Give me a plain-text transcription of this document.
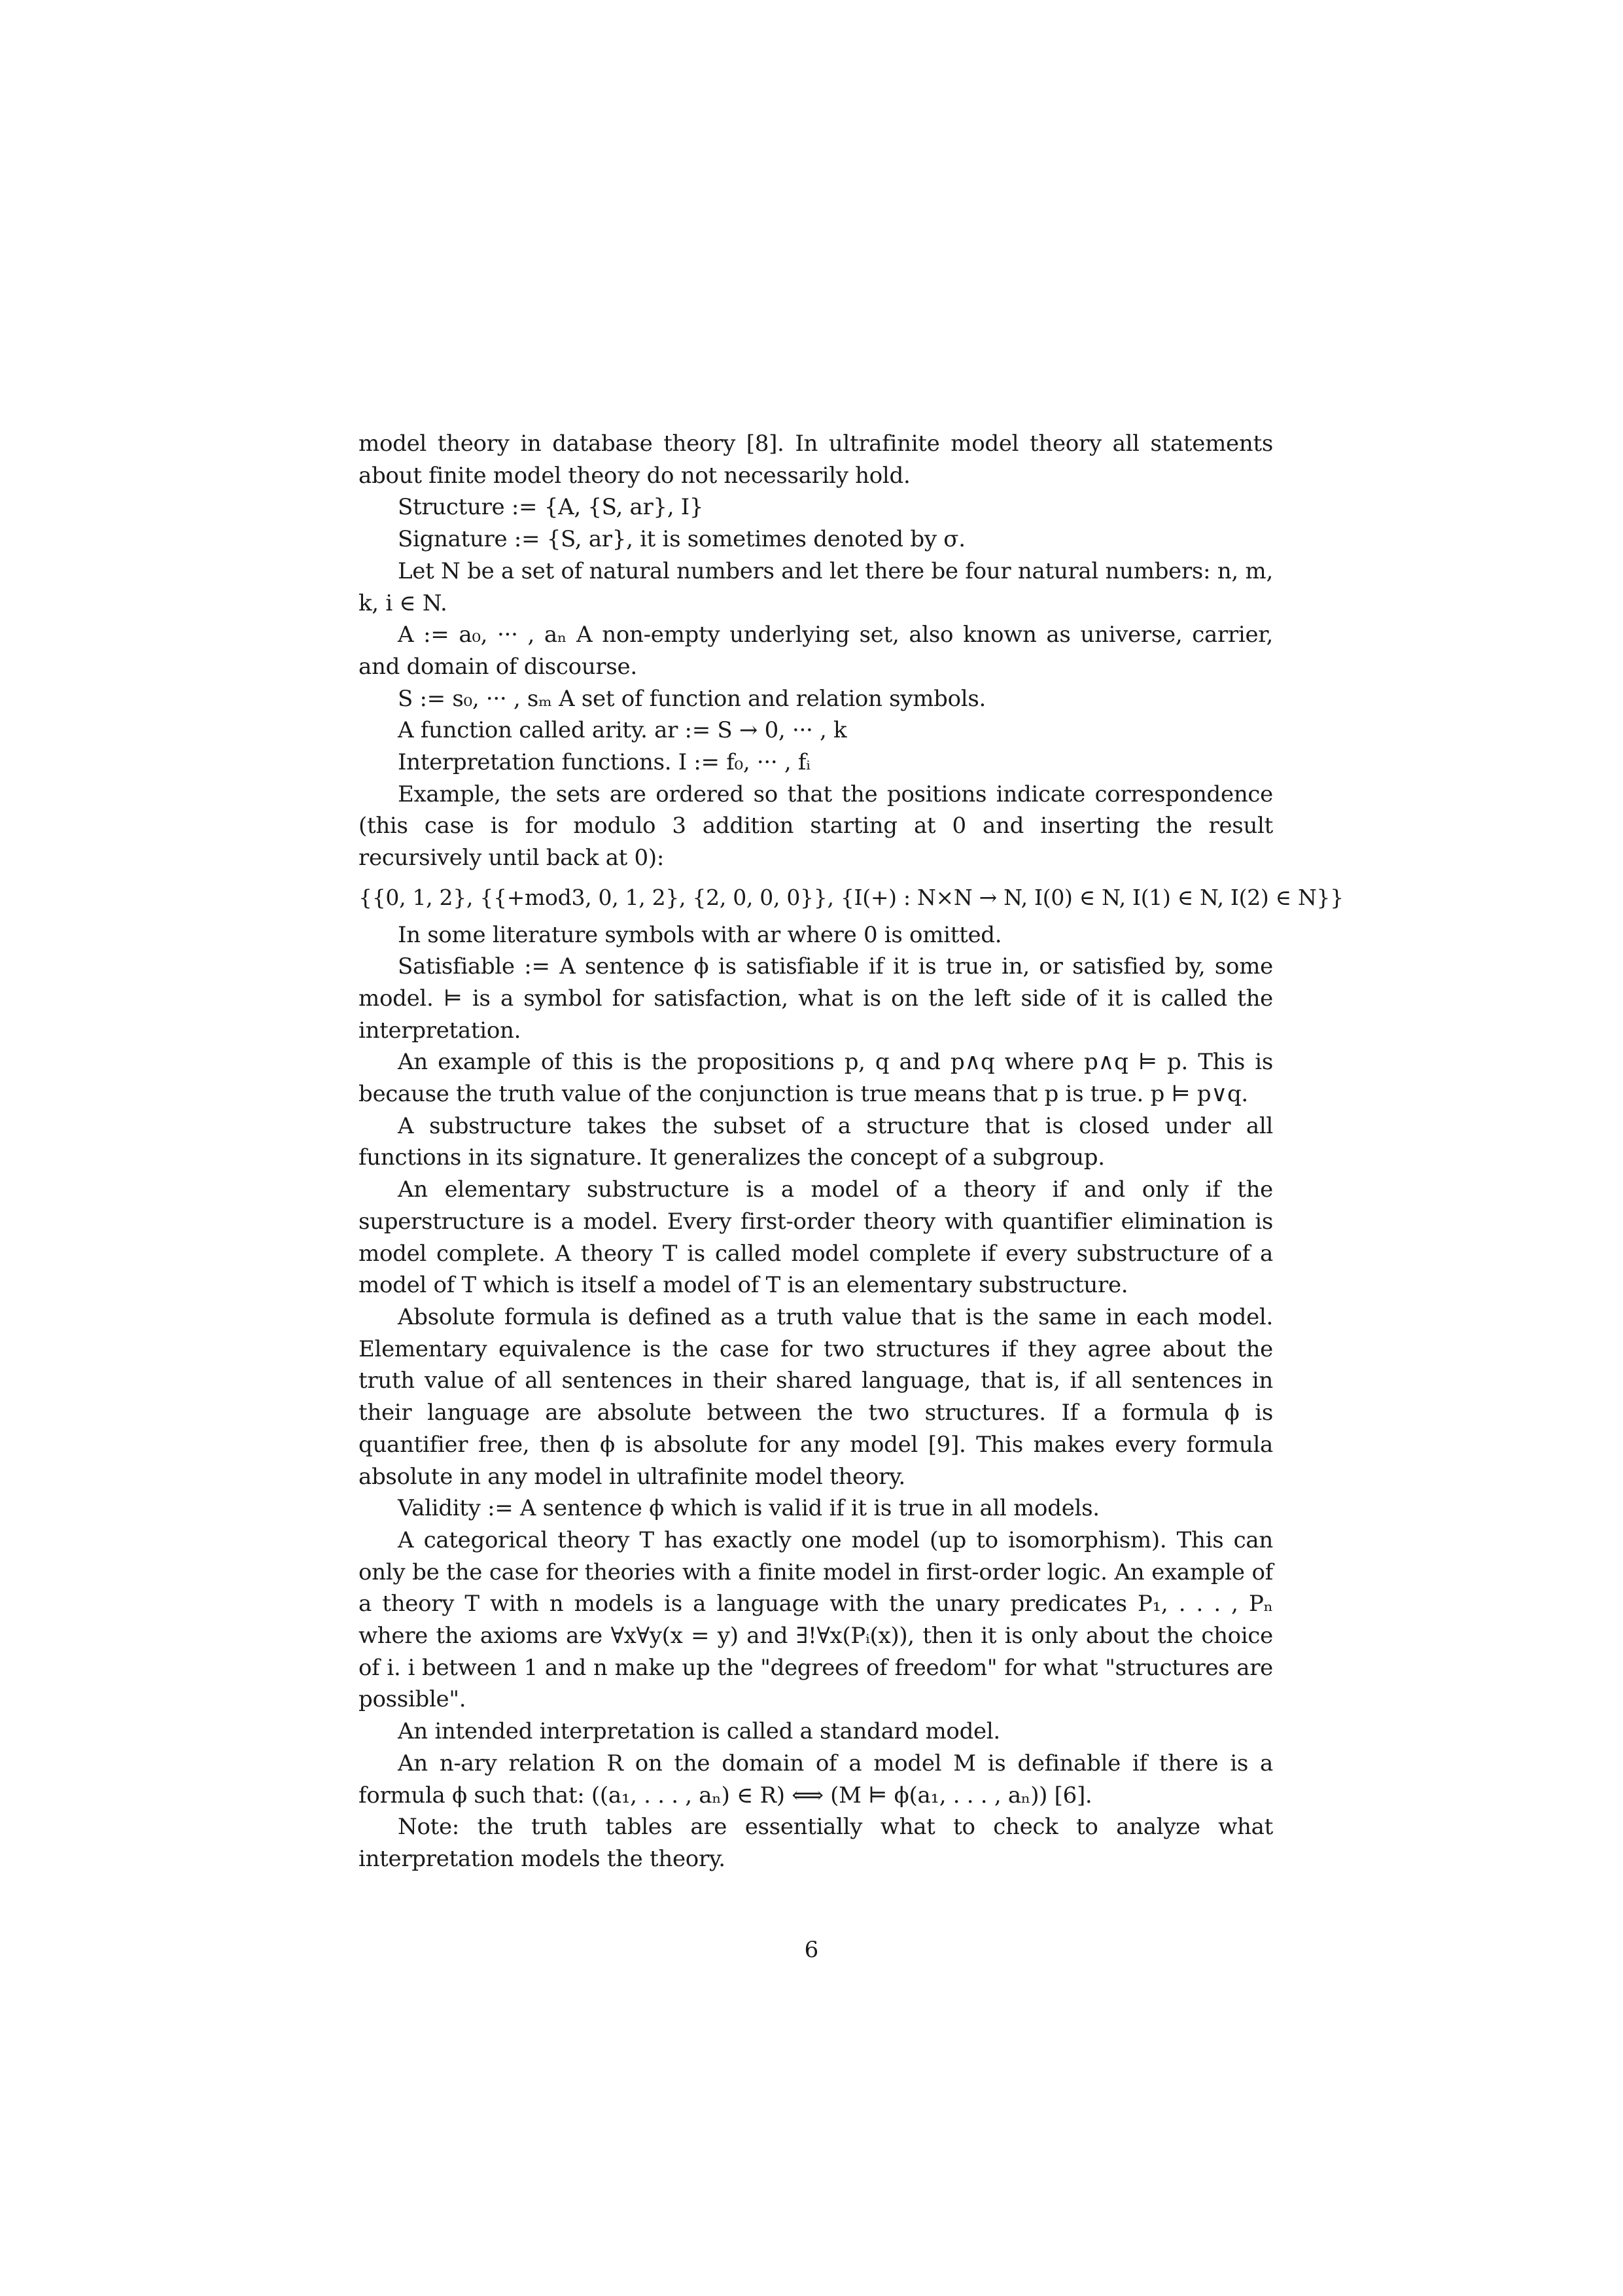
model theory in database theory [8]. In ultrafinite model theory all statements about finite model theory do not necessarily hold.

Structure := {A, {S, ar}, I}

Signature := {S, ar}, it is sometimes denoted by σ.

Let N be a set of natural numbers and let there be four natural numbers: n, m, k, i ∈ N.

A := a₀, ··· , aₙ A non-empty underlying set, also known as universe, carrier, and domain of discourse.

S := s₀, ··· , sₘ A set of function and relation symbols.

A function called arity. ar := S → 0, ··· , k

Interpretation functions. I := f₀, ··· , fᵢ

Example, the sets are ordered so that the positions indicate correspondence (this case is for modulo 3 addition starting at 0 and inserting the result recursively until back at 0):

{{0, 1, 2}, {{+mod3, 0, 1, 2}, {2, 0, 0, 0}}, {I(+) : N×N → N, I(0) ∈ N, I(1) ∈ N, I(2) ∈ N}}

In some literature symbols with ar where 0 is omitted.

Satisfiable := A sentence ϕ is satisfiable if it is true in, or satisfied by, some model. ⊨ is a symbol for satisfaction, what is on the left side of it is called the interpretation.

An example of this is the propositions p, q and p∧q where p∧q ⊨ p. This is because the truth value of the conjunction is true means that p is true. p ⊨ p∨q.

A substructure takes the subset of a structure that is closed under all functions in its signature. It generalizes the concept of a subgroup.

An elementary substructure is a model of a theory if and only if the superstructure is a model. Every first-order theory with quantifier elimination is model complete. A theory T is called model complete if every substructure of a model of T which is itself a model of T is an elementary substructure.

Absolute formula is defined as a truth value that is the same in each model. Elementary equivalence is the case for two structures if they agree about the truth value of all sentences in their shared language, that is, if all sentences in their language are absolute between the two structures. If a formula ϕ is quantifier free, then ϕ is absolute for any model [9]. This makes every formula absolute in any model in ultrafinite model theory.

Validity := A sentence ϕ which is valid if it is true in all models.

A categorical theory T has exactly one model (up to isomorphism). This can only be the case for theories with a finite model in first-order logic. An example of a theory T with n models is a language with the unary predicates P₁, . . . , Pₙ where the axioms are ∀x∀y(x = y) and ∃!∀x(Pᵢ(x)), then it is only about the choice of i. i between 1 and n make up the "degrees of freedom" for what "structures are possible".

An intended interpretation is called a standard model.

An n-ary relation R on the domain of a model M is definable if there is a formula ϕ such that: ((a₁, . . . , aₙ) ∈ R) ⟺ (M ⊨ ϕ(a₁, . . . , aₙ)) [6].

Note: the truth tables are essentially what to check to analyze what interpretation models the theory.

6
